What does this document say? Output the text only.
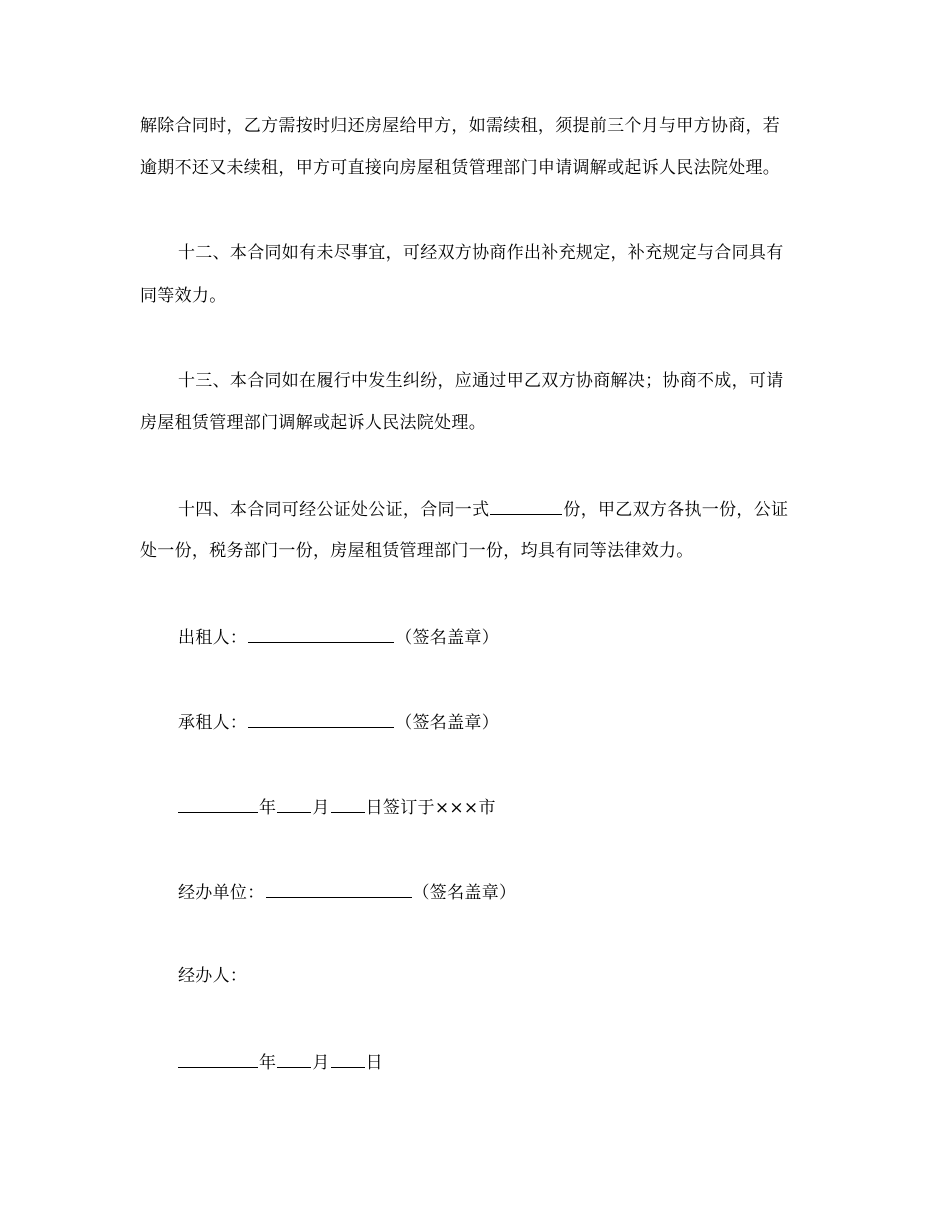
解除合同时，乙方需按时归还房屋给甲方，如需续租，须提前三个月与甲方协商，若
逾期不还又未续租，甲方可直接向房屋租赁管理部门申请调解或起诉人民法院处理。
十二、本合同如有未尽事宜，可经双方协商作出补充规定，补充规定与合同具有
同等效力。
十三、本合同如在履行中发生纠纷，应通过甲乙双方协商解决；协商不成，可请
房屋租赁管理部门调解或起诉人民法院处理。
十四、本合同可经公证处公证，合同一式	份，甲乙双方各执一份，公证
处一份，税务部门一份，房屋租赁管理部门一份，均具有同等法律效力。
出租人：	（签名盖章）
承租人：	（签名盖章）
年 月 日签订于×××市
经办单位：	（签名盖章）
经办人：
年 月 日
